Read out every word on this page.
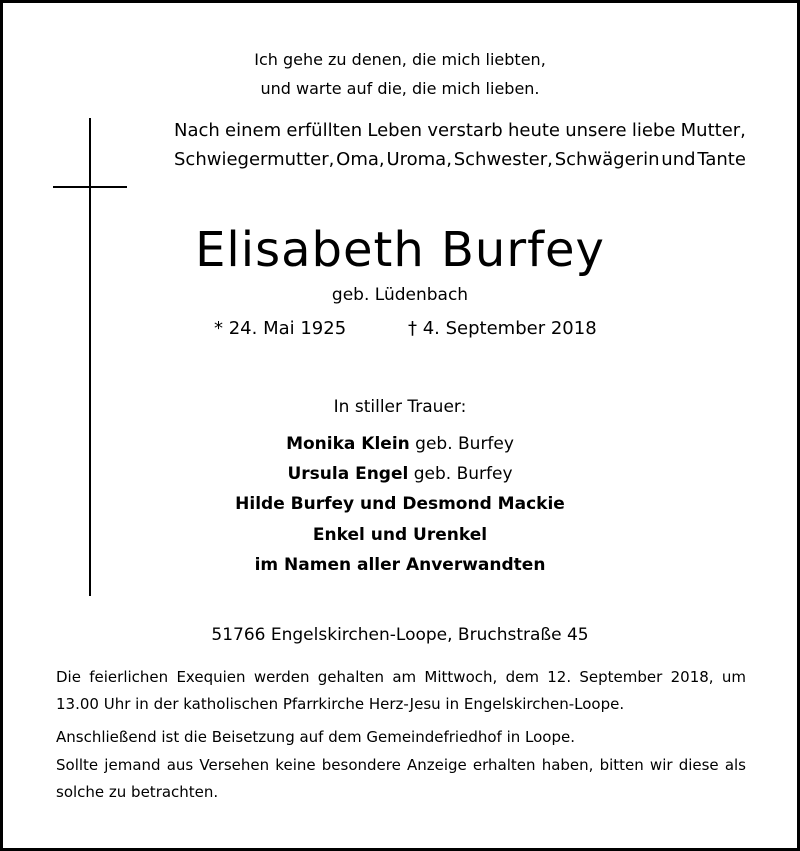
Ich gehe zu denen, die mich liebten,
und warte auf die, die mich lieben.
Nach einem erfüllten Leben verstarb heute unsere liebe Mutter,
Schwiegermutter, Oma, Uroma, Schwester, Schwägerin und Tante
Elisabeth Burfey
geb. Lüdenbach
* 24. Mai 1925	† 4. September 2018
In stiller Trauer:
Monika Klein geb. Burfey
Ursula Engel geb. Burfey
Hilde Burfey und Desmond Mackie
Enkel und Urenkel
im Namen aller Anverwandten
51766 Engelskirchen-Loope, Bruchstraße 45
Die feierlichen Exequien werden gehalten am Mittwoch, dem 12. September 2018, um
13.00 Uhr in der katholischen Pfarrkirche Herz-Jesu in Engelskirchen-Loope.
Anschließend ist die Beisetzung auf dem Gemeindefriedhof in Loope.
Sollte jemand aus Versehen keine besondere Anzeige erhalten haben, bitten wir diese als
solche zu betrachten.
